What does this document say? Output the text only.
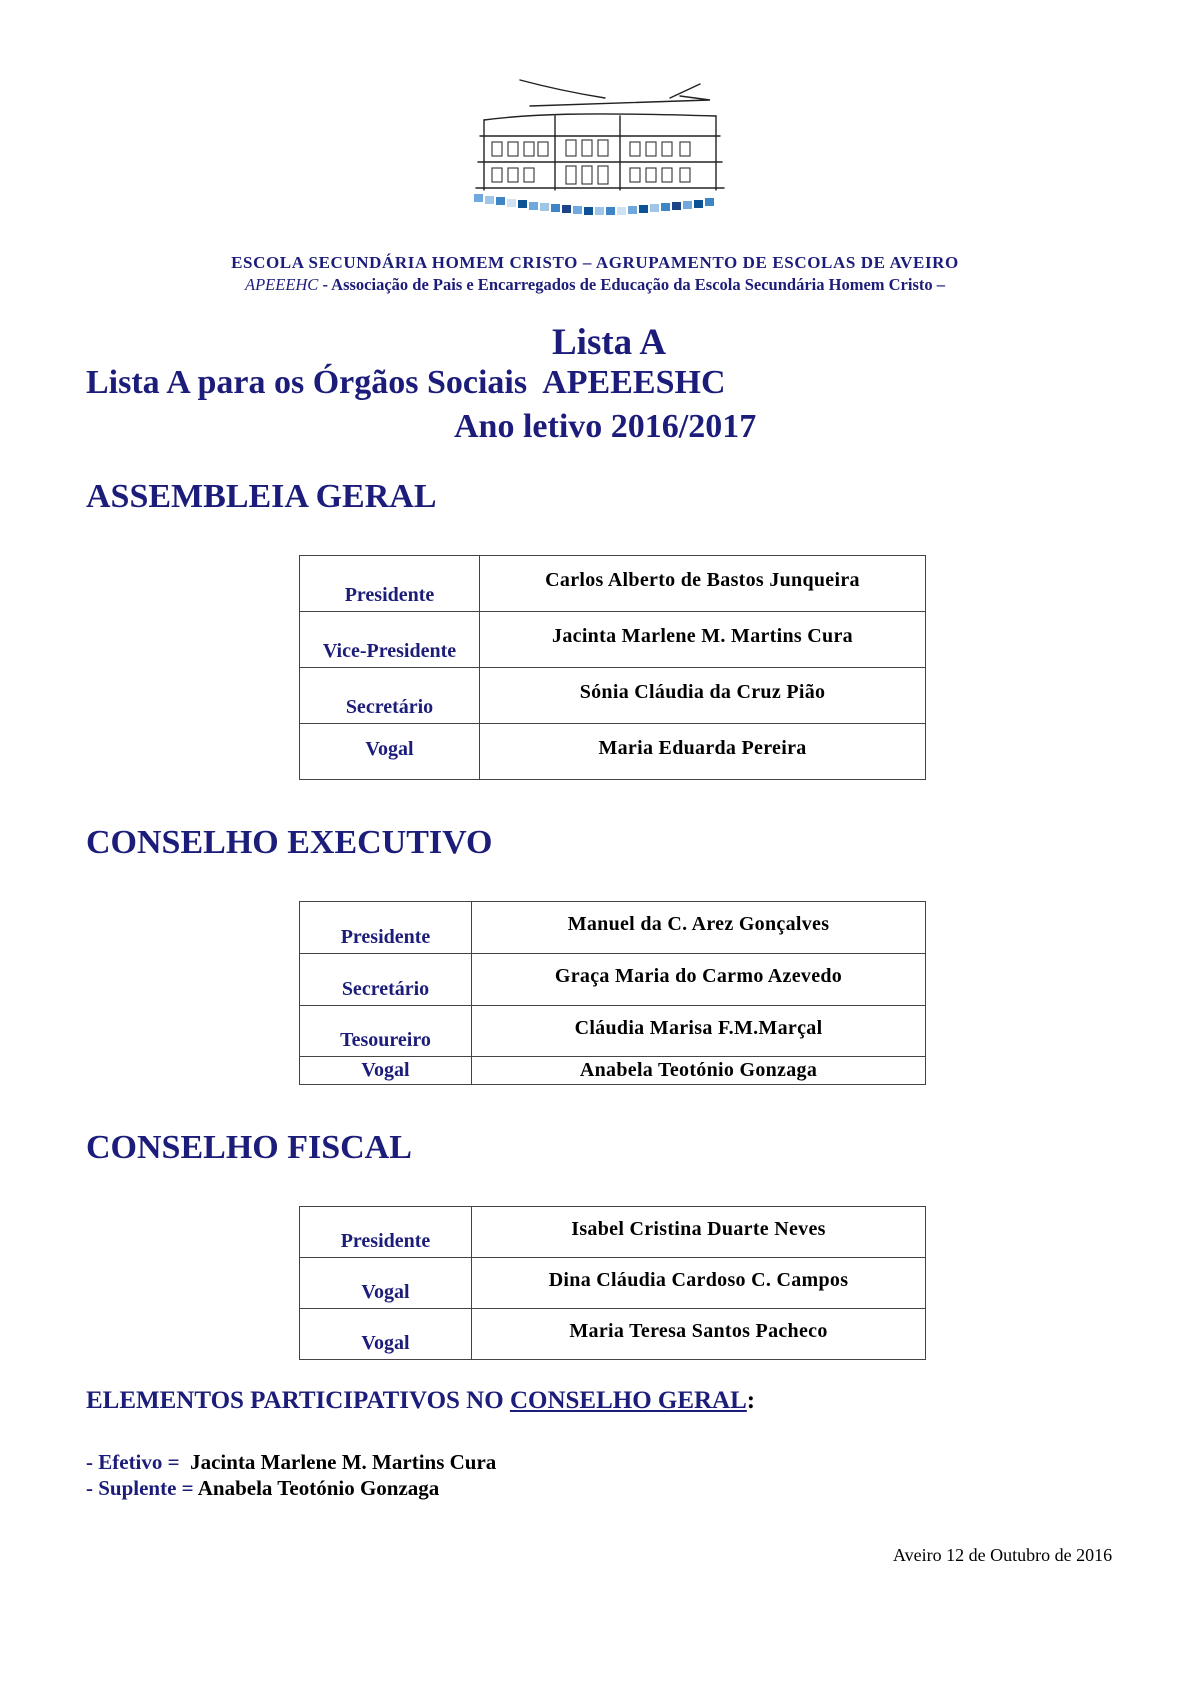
ESCOLA SECUNDÁRIA HOMEM CRISTO – AGRUPAMENTO DE ESCOLAS DE AVEIRO
APEEEHC - Associação de Pais e Encarregados de Educação da Escola Secundária Homem Cristo –
Lista A
Lista A para os Órgãos Sociais  APEEESHC
Ano letivo 2016/2017
ASSEMBLEIA GERAL
Presidente	Carlos Alberto de Bastos Junqueira
Vice-Presidente	Jacinta Marlene M. Martins Cura
Secretário	Sónia Cláudia da Cruz Pião
Vogal	Maria Eduarda Pereira
CONSELHO EXECUTIVO
Presidente	Manuel da C. Arez Gonçalves
Secretário	Graça Maria do Carmo Azevedo
Tesoureiro	Cláudia Marisa F.M.Marçal
Vogal	Anabela Teotónio Gonzaga
CONSELHO FISCAL
Presidente	Isabel Cristina Duarte Neves
Vogal	Dina Cláudia Cardoso C. Campos
Vogal	Maria Teresa Santos Pacheco
ELEMENTOS PARTICIPATIVOS NO CONSELHO GERAL:
- Efetivo =  Jacinta Marlene M. Martins Cura
- Suplente = Anabela Teotónio Gonzaga
Aveiro 12 de Outubro de 2016
